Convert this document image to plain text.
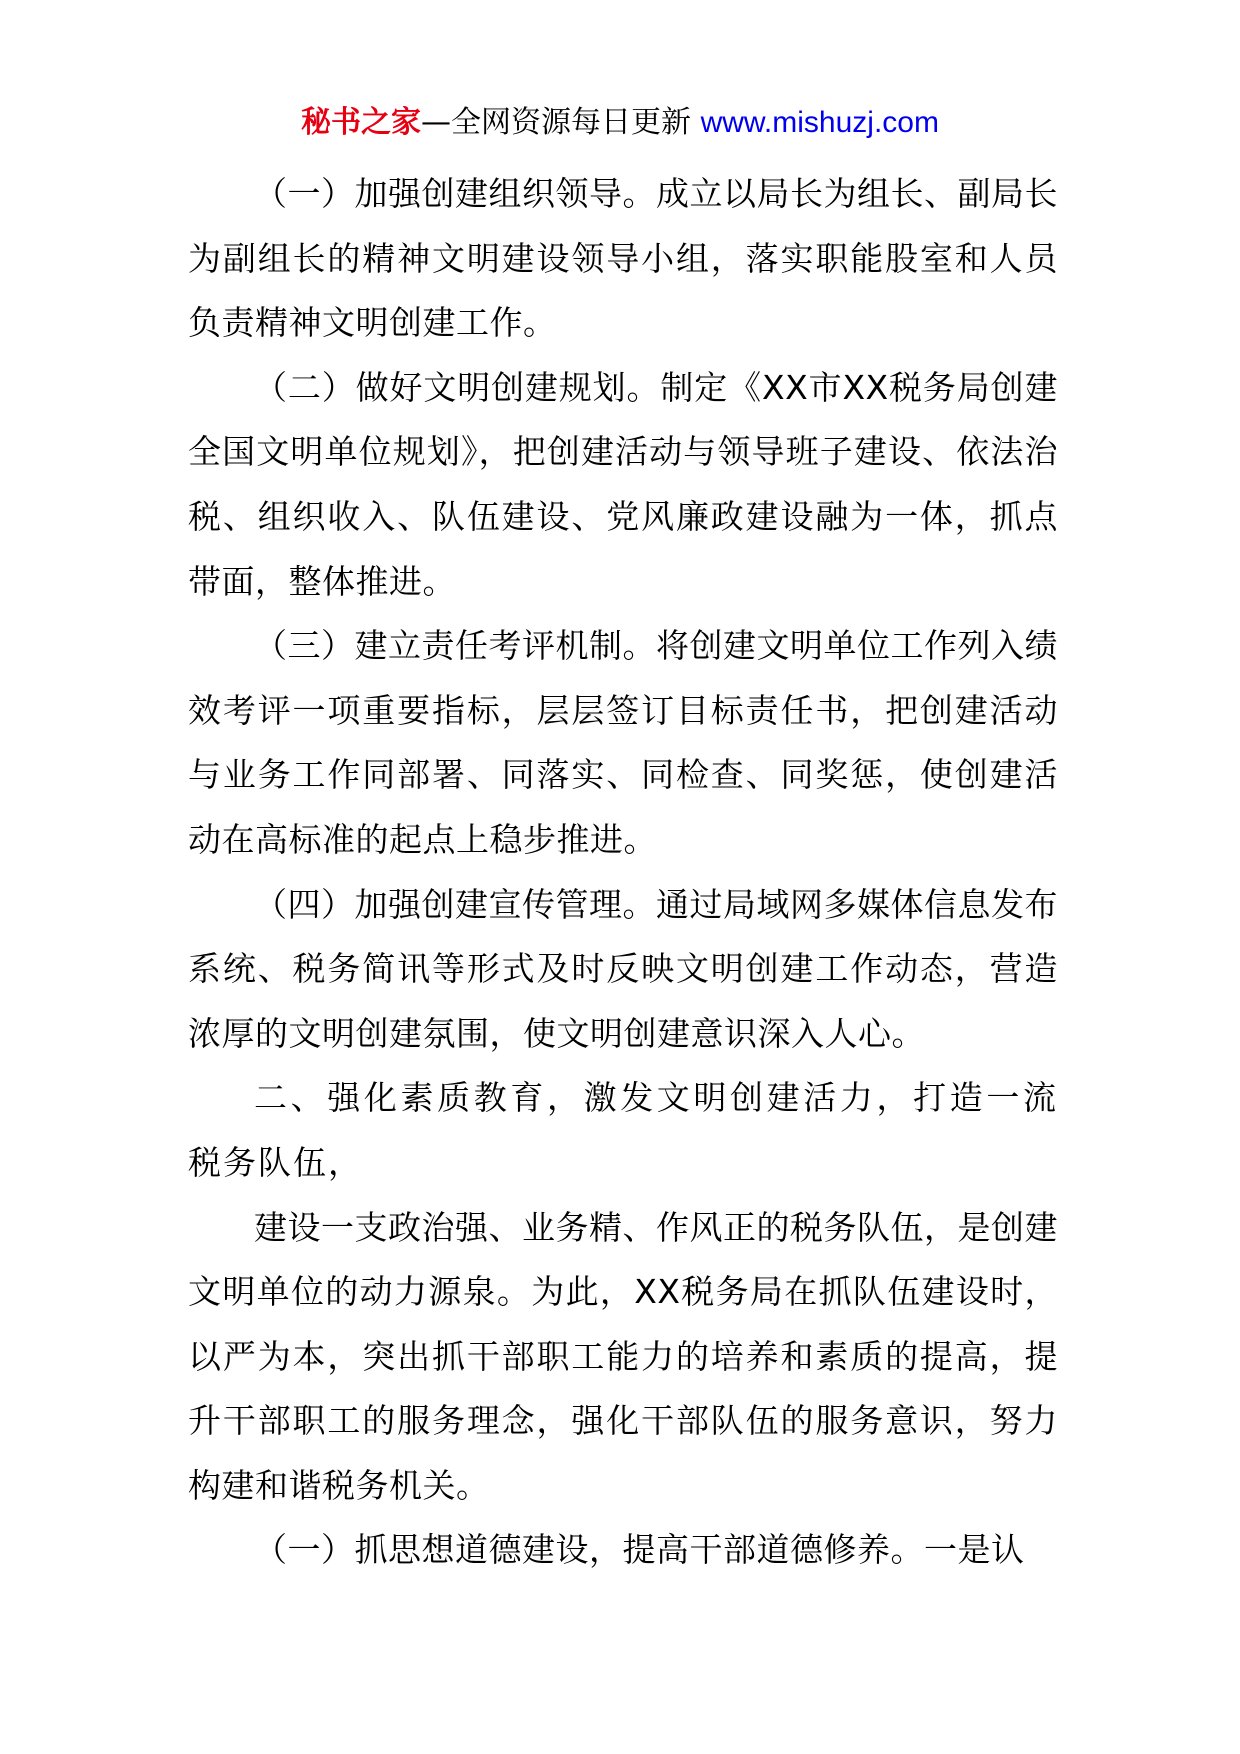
秘书之家—全网资源每日更新 www.mishuzj.com

（一）加强创建组织领导。成立以局长为组长、副局长为副组长的精神文明建设领导小组，落实职能股室和人员负责精神文明创建工作。

（二）做好文明创建规划。制定《XX市XX税务局创建全国文明单位规划》，把创建活动与领导班子建设、依法治税、组织收入、队伍建设、党风廉政建设融为一体，抓点带面，整体推进。

（三）建立责任考评机制。将创建文明单位工作列入绩效考评一项重要指标，层层签订目标责任书，把创建活动与业务工作同部署、同落实、同检查、同奖惩，使创建活动在高标准的起点上稳步推进。

（四）加强创建宣传管理。通过局域网多媒体信息发布系统、税务简讯等形式及时反映文明创建工作动态，营造浓厚的文明创建氛围，使文明创建意识深入人心。

二、强化素质教育，激发文明创建活力，打造一流税务队伍，

建设一支政治强、业务精、作风正的税务队伍，是创建文明单位的动力源泉。为此，XX税务局在抓队伍建设时，以严为本，突出抓干部职工能力的培养和素质的提高，提升干部职工的服务理念，强化干部队伍的服务意识，努力构建和谐税务机关。

（一）抓思想道德建设，提高干部道德修养。一是认
